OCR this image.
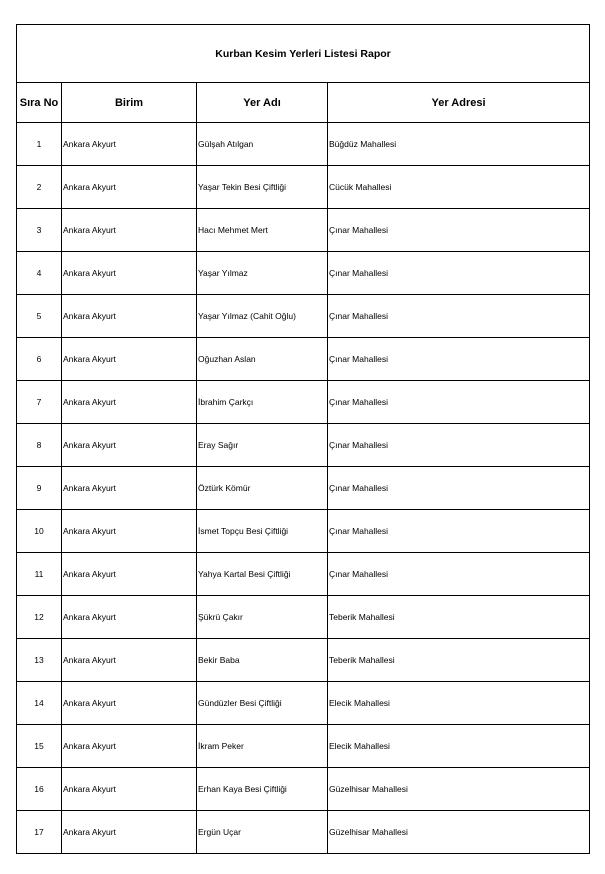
Kurban Kesim Yerleri Listesi Rapor			
Sıra No	Birim	Yer Adı	Yer Adresi
1	Ankara Akyurt	Gülşah Atılgan	Büğdüz Mahallesi
2	Ankara Akyurt	Yaşar Tekin Besi Çiftliği	Cücük Mahallesi
3	Ankara Akyurt	Hacı Mehmet Mert	Çınar Mahallesi
4	Ankara Akyurt	Yaşar Yılmaz	Çınar Mahallesi
5	Ankara Akyurt	Yaşar Yılmaz (Cahit Oğlu)	Çınar Mahallesi
6	Ankara Akyurt	Oğuzhan Aslan	Çınar Mahallesi
7	Ankara Akyurt	İbrahim Çarkçı	Çınar Mahallesi
8	Ankara Akyurt	Eray Sağır	Çınar Mahallesi
9	Ankara Akyurt	Öztürk Kömür	Çınar Mahallesi
10	Ankara Akyurt	İsmet Topçu Besi Çiftliği	Çınar Mahallesi
11	Ankara Akyurt	Yahya Kartal Besi Çiftliği	Çınar Mahallesi
12	Ankara Akyurt	Şükrü Çakır	Teberik Mahallesi
13	Ankara Akyurt	Bekir Baba	Teberik Mahallesi
14	Ankara Akyurt	Gündüzler Besi Çiftliği	Elecik Mahallesi
15	Ankara Akyurt	İkram Peker	Elecik Mahallesi
16	Ankara Akyurt	Erhan Kaya Besi Çiftliği	Güzelhisar Mahallesi
17	Ankara Akyurt	Ergün Uçar	Güzelhisar Mahallesi
